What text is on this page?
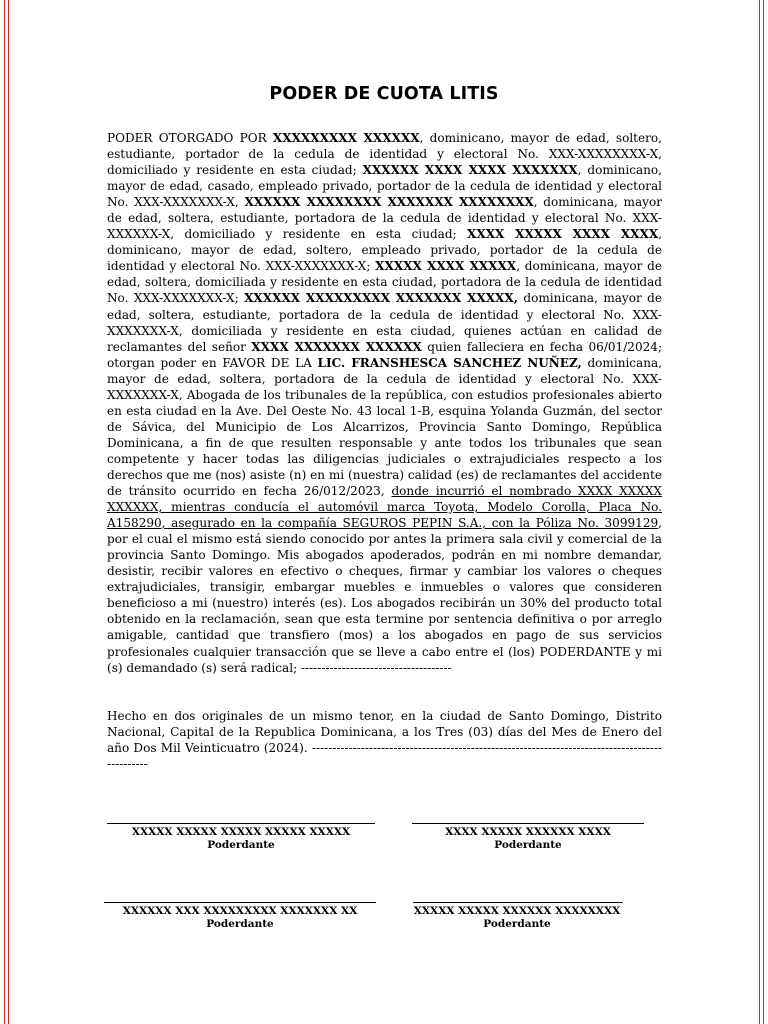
PODER DE CUOTA LITIS

PODER OTORGADO POR XXXXXXXXX XXXXXX, dominicano, mayor de edad, soltero, estudiante, portador de la cedula de identidad y electoral No. XXX-XXXXXXXX-X, domiciliado y residente en esta ciudad; XXXXXX XXXX XXXX XXXXXXX, dominicano, mayor de edad, casado, empleado privado, portador de la cedula de identidad y electoral No. XXX-XXXXXXX-X, XXXXXX XXXXXXXX XXXXXXX XXXXXXXX, dominicana, mayor de edad, soltera, estudiante, portadora de la cedula de identidad y electoral No. XXX-XXXXXX-X, domiciliado y residente en esta ciudad; XXXX XXXXX XXXX XXXX, dominicano, mayor de edad, soltero, empleado privado, portador de la cedula de identidad y electoral No. XXX-XXXXXXX-X; XXXXX XXXX XXXXX, dominicana, mayor de edad, soltera, domiciliada y residente en esta ciudad, portadora de la cedula de identidad No. XXX-XXXXXXX-X; XXXXXX XXXXXXXXX XXXXXXX XXXXX, dominicana, mayor de edad, soltera, estudiante, portadora de la cedula de identidad y electoral No. XXX-XXXXXXX-X, domiciliada y residente en esta ciudad, quienes actúan en calidad de reclamantes del señor XXXX XXXXXXX XXXXXX quien falleciera en fecha 06/01/2024; otorgan poder en FAVOR DE LA LIC. FRANSHESCA SANCHEZ NUÑEZ, dominicana, mayor de edad, soltera, portadora de la cedula de identidad y electoral No. XXX-XXXXXXX-X, Abogada de los tribunales de la república, con estudios profesionales abierto en esta ciudad en la Ave. Del Oeste No. 43 local 1-B, esquina Yolanda Guzmán, del sector de Sávica, del Municipio de Los Alcarrizos, Provincia Santo Domingo, República Dominicana, a fin de que resulten responsable y ante todos los tribunales que sean competente y hacer todas las diligencias judiciales o extrajudiciales respecto a los derechos que me (nos) asiste (n) en mi (nuestra) calidad (es) de reclamantes del accidente de tránsito ocurrido en fecha 26/012/2023, donde incurrió el nombrado XXXX XXXXX XXXXXX, mientras conducía el automóvil marca Toyota, Modelo Corolla, Placa No. A158290, asegurado en la compañía SEGUROS PEPIN S.A., con la Póliza No. 3099129, por el cual el mismo está siendo conocido por antes la primera sala civil y comercial de la provincia Santo Domingo. Mis abogados apoderados, podrán en mi nombre demandar, desistir, recibir valores en efectivo o cheques, firmar y cambiar los valores o cheques extrajudiciales, transigir, embargar muebles e inmuebles o valores que consideren beneficioso a mi (nuestro) interés (es). Los abogados recibirán un 30% del producto total obtenido en la reclamación, sean que esta termine por sentencia definitiva o por arreglo amigable, cantidad que transfiero (mos) a los abogados en pago de sus servicios profesionales cualquier transacción que se lleve a cabo entre el (los) PODERDANTE y mi (s) demandado (s) será radical; -------------------------------------

Hecho en dos originales de un mismo tenor, en la ciudad de Santo Domingo, Distrito Nacional, Capital de la Republica Dominicana, a los Tres (03) días del Mes de Enero del año Dos Mil Veinticuatro (2024). ------------------------------------------------------------------------------------------------

XXXXX XXXXX XXXXX XXXXX XXXXX
Poderdante
XXXX XXXXX XXXXXX XXXX
Poderdante
XXXXXX XXX XXXXXXXXX XXXXXXX XX
Poderdante
XXXXX XXXXX XXXXXX XXXXXXXX
Poderdante
